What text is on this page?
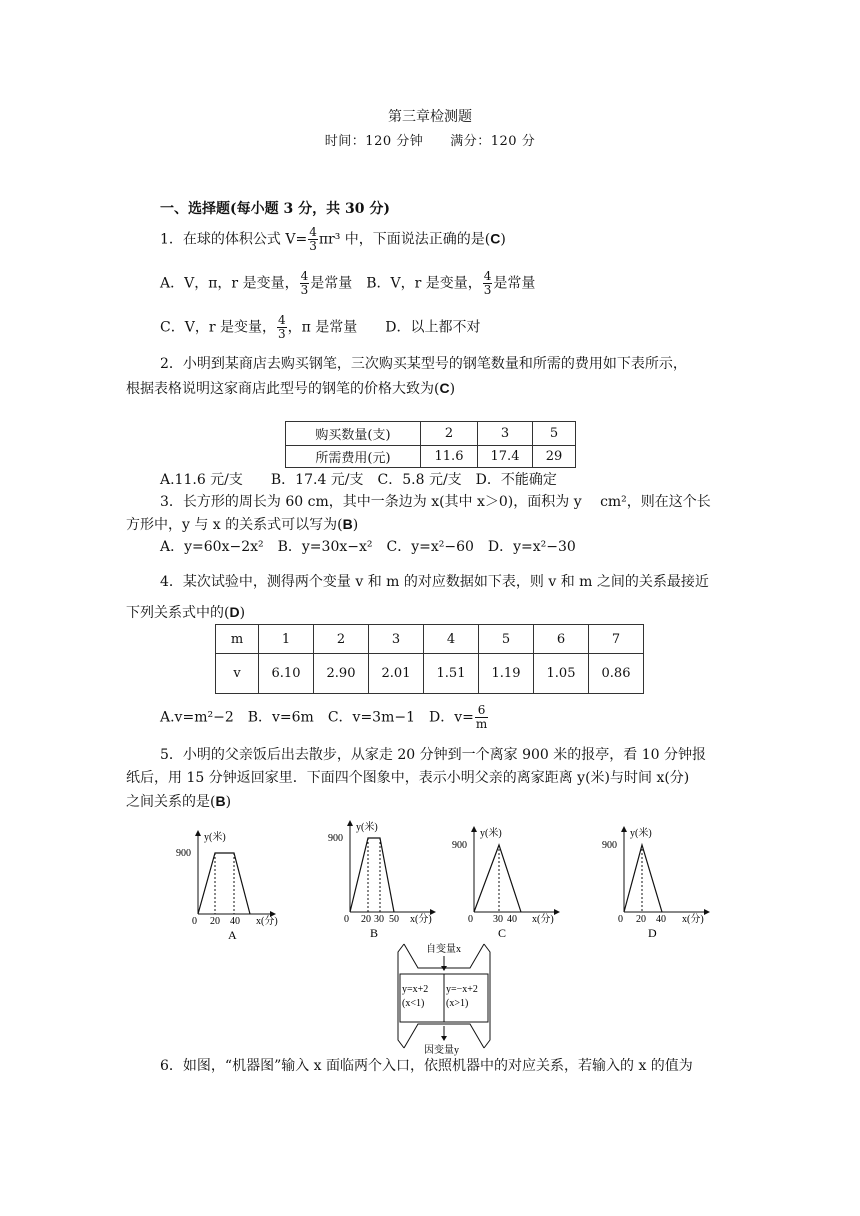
第三章检测题
时间：120 分钟　　满分：120 分
一、选择题(每小题 3 分，共 30 分)
1．在球的体积公式 $V= \frac{4}{3} \pi r^3$ 中，下面说法正确的是(C)
A．V，π，r 是变量， $\frac{4}{3}$ 是常量　 B．V，r 是变量， $\frac{4}{3}$ 是常量
C．V，r 是变量， $\frac{4}{3}$ ，π 是常量　　 D．以上都不对
2．小明到某商店去购买钢笔，三次购买某型号的钢笔数量和所需的费用如下表所示，
根据表格说明这家商店此型号的钢笔的价格大致为(C)
购买数量(支)	2	3	5
所需费用(元)	11.6	17.4	29
A.11.6 元/支　　B．17.4 元/支　C．5.8 元/支　D．不能确定
3．长方形的周长为 60 cm，其中一条边为 x(其中 x＞0)，面积为 y　 cm²，则在这个长
方形中，y 与 x 的关系式可以写为(B)
A．y=60x−2x²　B．y=30x−x²　C．y=x²−60　D．y=x²−30
4．某次试验中，测得两个变量 v 和 m 的对应数据如下表，则 v 和 m 之间的关系最接近
下列关系式中的(D)
m	1	2	3	4	5	6	7
v	6.10	2.90	2.01	1.51	1.19	1.05	0.86
A.v=m²−2　B．v=6m　C．v=3m−1　D．$v= \frac{6}{m}$
5．小明的父亲饭后出去散步，从家走 20 分钟到一个离家 900 米的报亭，看 10 分钟报
纸后，用 15 分钟返回家里．下面四个图象中，表示小明父亲的离家距离 y(米)与时间 x(分)
之间关系的是(B)
y(米)
900
0 20 40 x(分)
A
y(米)
900
0 20 30 50 x(分)
B
y(米)
900
0 30 40 x(分)
C
y(米)
900
0 20 40 x(分)
D
自变量x
y=x+2
(x<1)
y=−x+2
(x>1)
因变量y
6．如图，“机器图”输入 x 面临两个入口，依照机器中的对应关系，若输入的 x 的值为
